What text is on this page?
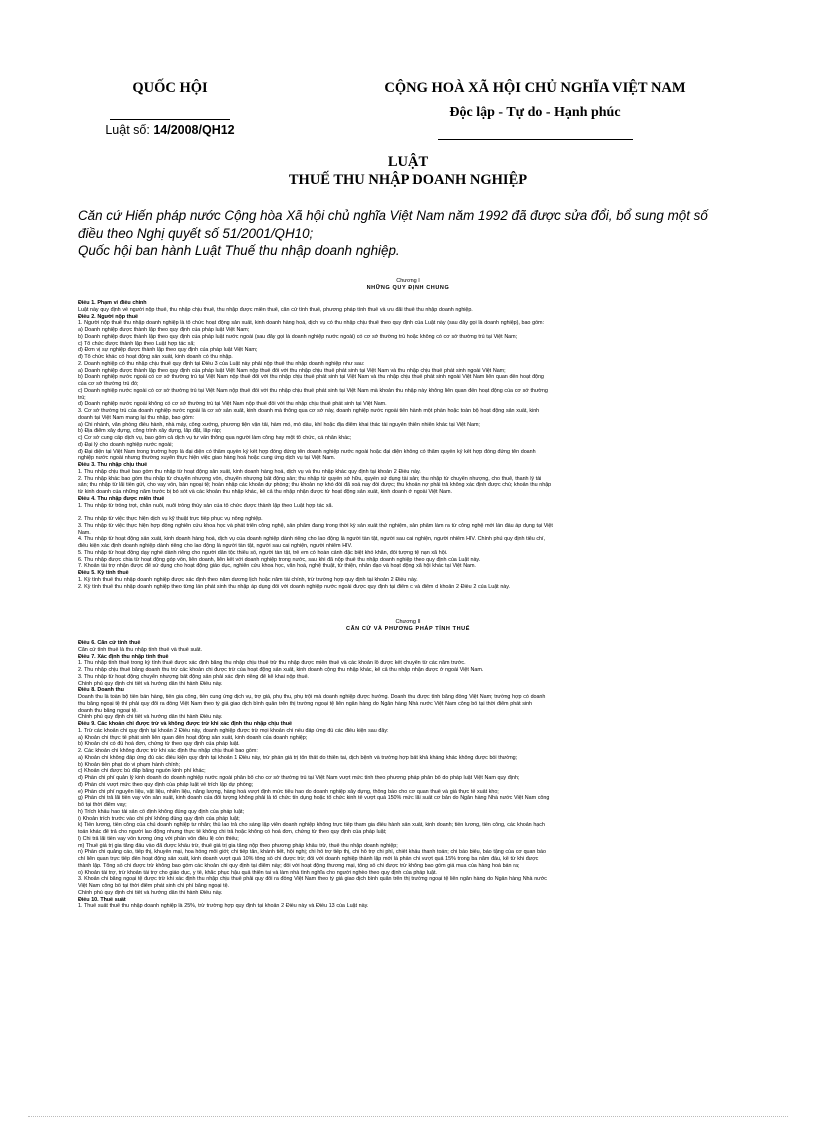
QUỐC HỘI
Luật số: 14/2008/QH12
CỘNG HOÀ XÃ HỘI CHỦ NGHĨA VIỆT NAM
Độc lập - Tự do - Hạnh phúc
LUẬT
THUẾ THU NHẬP DOANH NGHIỆP
Căn cứ Hiến pháp nước Cộng hòa Xã hội chủ nghĩa Việt Nam năm 1992 đã được sửa đổi, bổ sung một số
điều theo Nghị quyết số 51/2001/QH10;
Quốc hội ban hành Luật Thuế thu nhập doanh nghiệp.
Chương I
NHỮNG QUY ĐỊNH CHUNG
Điều 1. Phạm vi điều chỉnh
Luật này quy định về người nộp thuế, thu nhập chịu thuế, thu nhập được miễn thuế, căn cứ tính thuế, phương pháp tính thuế và ưu đãi thuế thu nhập doanh nghiệp.
Điều 2. Người nộp thuế
1. Người nộp thuế thu nhập doanh nghiệp là tổ chức hoạt động sản xuất, kinh doanh hàng hoá, dịch vụ có thu nhập chịu thuế theo quy định của Luật này (sau đây gọi là doanh nghiệp), bao gồm:
a) Doanh nghiệp được thành lập theo quy định của pháp luật Việt Nam;
b) Doanh nghiệp được thành lập theo quy định của pháp luật nước ngoài (sau đây gọi là doanh nghiệp nước ngoài) có cơ sở thường trú hoặc không có cơ sở thường trú tại Việt Nam;
c) Tổ chức được thành lập theo Luật hợp tác xã;
d) Đơn vị sự nghiệp được thành lập theo quy định của pháp luật Việt Nam;
đ) Tổ chức khác có hoạt động sản xuất, kinh doanh có thu nhập.
2. Doanh nghiệp có thu nhập chịu thuế quy định tại Điều 3 của Luật này phải nộp thuế thu nhập doanh nghiệp như sau:
a) Doanh nghiệp được thành lập theo quy định của pháp luật Việt Nam nộp thuế đối với thu nhập chịu thuế phát sinh tại Việt Nam và thu nhập chịu thuế phát sinh ngoài Việt Nam;
b) Doanh nghiệp nước ngoài có cơ sở thường trú tại Việt Nam nộp thuế đối với thu nhập chịu thuế phát sinh tại Việt Nam và thu nhập chịu thuế phát sinh ngoài Việt Nam liên quan đến hoạt động
của cơ sở thường trú đó;
c) Doanh nghiệp nước ngoài có cơ sở thường trú tại Việt Nam nộp thuế đối với thu nhập chịu thuế phát sinh tại Việt Nam mà khoản thu nhập này không liên quan đến hoạt động của cơ sở thường
trú;
d) Doanh nghiệp nước ngoài không có cơ sở thường trú tại Việt Nam nộp thuế đối với thu nhập chịu thuế phát sinh tại Việt Nam.
3. Cơ sở thường trú của doanh nghiệp nước ngoài là cơ sở sản xuất, kinh doanh mà thông qua cơ sở này, doanh nghiệp nước ngoài tiến hành một phần hoặc toàn bộ hoạt động sản xuất, kinh
doanh tại Việt Nam mang lại thu nhập, bao gồm:
a) Chi nhánh, văn phòng điều hành, nhà máy, công xưởng, phương tiện vận tải, hầm mỏ, mỏ dầu, khí hoặc địa điểm khai thác tài nguyên thiên nhiên khác tại Việt Nam;
b) Địa điểm xây dựng, công trình xây dựng, lắp đặt, lắp ráp;
c) Cơ sở cung cấp dịch vụ, bao gồm cả dịch vụ tư vấn thông qua người làm công hay một tổ chức, cá nhân khác;
d) Đại lý cho doanh nghiệp nước ngoài;
đ) Đại diện tại Việt Nam trong trường hợp là đại diện có thẩm quyền ký kết hợp đồng đứng tên doanh nghiệp nước ngoài hoặc đại diện không có thẩm quyền ký kết hợp đồng đứng tên doanh
nghiệp nước ngoài nhưng thường xuyên thực hiện việc giao hàng hoá hoặc cung ứng dịch vụ tại Việt Nam.
Điều 3. Thu nhập chịu thuế
1. Thu nhập chịu thuế bao gồm thu nhập từ hoạt động sản xuất, kinh doanh hàng hoá, dịch vụ và thu nhập khác quy định tại khoản 2 Điều này.
2. Thu nhập khác bao gồm thu nhập từ chuyển nhượng vốn, chuyển nhượng bất động sản; thu nhập từ quyền sở hữu, quyền sử dụng tài sản; thu nhập từ chuyển nhượng, cho thuê, thanh lý tài
sản; thu nhập từ lãi tiền gửi, cho vay vốn, bán ngoại tệ; hoàn nhập các khoản dự phòng; thu khoản nợ khó đòi đã xoá nay đòi được; thu khoản nợ phải trả không xác định được chủ; khoản thu nhập
từ kinh doanh của những năm trước bị bỏ sót và các khoản thu nhập khác, kể cả thu nhập nhận được từ hoạt động sản xuất, kinh doanh ở ngoài Việt Nam.
Điều 4. Thu nhập được miễn thuế
1. Thu nhập từ trồng trọt, chăn nuôi, nuôi trồng thủy sản của tổ chức được thành lập theo Luật hợp tác xã.

2. Thu nhập từ việc thực hiện dịch vụ kỹ thuật trực tiếp phục vụ nông nghiệp.
3. Thu nhập từ việc thực hiện hợp đồng nghiên cứu khoa học và phát triển công nghệ, sản phẩm đang trong thời kỳ sản xuất thử nghiệm, sản phẩm làm ra từ công nghệ mới lần đầu áp dụng tại Việt
Nam.
4. Thu nhập từ hoạt động sản xuất, kinh doanh hàng hoá, dịch vụ của doanh nghiệp dành riêng cho lao động là người tàn tật, người sau cai nghiện, người nhiễm HIV. Chính phủ quy định tiêu chí,
điều kiện xác định doanh nghiệp dành riêng cho lao động là người tàn tật, người sau cai nghiện, người nhiễm HIV.
5. Thu nhập từ hoạt động dạy nghề dành riêng cho người dân tộc thiểu số, người tàn tật, trẻ em có hoàn cảnh đặc biệt khó khăn, đối tượng tệ nạn xã hội.
6. Thu nhập được chia từ hoạt động góp vốn, liên doanh, liên kết với doanh nghiệp trong nước, sau khi đã nộp thuế thu nhập doanh nghiệp theo quy định của Luật này.
7. Khoản tài trợ nhận được để sử dụng cho hoạt động giáo dục, nghiên cứu khoa học, văn hoá, nghệ thuật, từ thiện, nhân đạo và hoạt động xã hội khác tại Việt Nam.
Điều 5. Kỳ tính thuế
1. Kỳ tính thuế thu nhập doanh nghiệp được xác định theo năm dương lịch hoặc năm tài chính, trừ trường hợp quy định tại khoản 2 Điều này.
2. Kỳ tính thuế thu nhập doanh nghiệp theo từng lần phát sinh thu nhập áp dụng đối với doanh nghiệp nước ngoài được quy định tại điểm c và điểm d khoản 2 Điều 2 của Luật này.
Chương II
CĂN CỨ VÀ PHƯƠNG PHÁP TÍNH THUẾ
Điều 6. Căn cứ tính thuế
Căn cứ tính thuế là thu nhập tính thuế và thuế suất.
Điều 7. Xác định thu nhập tính thuế
1. Thu nhập tính thuế trong kỳ tính thuế được xác định bằng thu nhập chịu thuế trừ thu nhập được miễn thuế và các khoản lỗ được kết chuyển từ các năm trước.
2. Thu nhập chịu thuế bằng doanh thu trừ các khoản chi được trừ của hoạt động sản xuất, kinh doanh cộng thu nhập khác, kể cả thu nhập nhận được ở ngoài Việt Nam.
3. Thu nhập từ hoạt động chuyển nhượng bất động sản phải xác định riêng để kê khai nộp thuế.
Chính phủ quy định chi tiết và hướng dẫn thi hành Điều này.
Điều 8. Doanh thu
Doanh thu là toàn bộ tiền bán hàng, tiền gia công, tiền cung ứng dịch vụ, trợ giá, phụ thu, phụ trội mà doanh nghiệp được hưởng. Doanh thu được tính bằng đồng Việt Nam; trường hợp có doanh
thu bằng ngoại tệ thì phải quy đổi ra đồng Việt Nam theo tỷ giá giao dịch bình quân trên thị trường ngoại tệ liên ngân hàng do Ngân hàng Nhà nước Việt Nam công bố tại thời điểm phát sinh
doanh thu bằng ngoại tệ.
Chính phủ quy định chi tiết và hướng dẫn thi hành Điều này.
Điều 9. Các khoản chi được trừ và không được trừ khi xác định thu nhập chịu thuế
1. Trừ các khoản chi quy định tại khoản 2 Điều này, doanh nghiệp được trừ mọi khoản chi nếu đáp ứng đủ các điều kiện sau đây:
a) Khoản chi thực tế phát sinh liên quan đến hoạt động sản xuất, kinh doanh của doanh nghiệp;
b) Khoản chi có đủ hoá đơn, chứng từ theo quy định của pháp luật.
2. Các khoản chi không được trừ khi xác định thu nhập chịu thuế bao gồm:
a) Khoản chi không đáp ứng đủ các điều kiện quy định tại khoản 1 Điều này, trừ phần giá trị tổn thất do thiên tai, dịch bệnh và trường hợp bất khả kháng khác không được bồi thường;
b) Khoản tiền phạt do vi phạm hành chính;
c) Khoản chi được bù đắp bằng nguồn kinh phí khác;
d) Phần chi phí quản lý kinh doanh do doanh nghiệp nước ngoài phân bổ cho cơ sở thường trú tại Việt Nam vượt mức tính theo phương pháp phân bổ do pháp luật Việt Nam quy định;
đ) Phần chi vượt mức theo quy định của pháp luật về trích lập dự phòng;
e) Phần chi phí nguyên liệu, vật liệu, nhiên liệu, năng lượng, hàng hoá vượt định mức tiêu hao do doanh nghiệp xây dựng, thông báo cho cơ quan thuế và giá thực tế xuất kho;
g) Phần chi trả lãi tiền vay vốn sản xuất, kinh doanh của đối tượng không phải là tổ chức tín dụng hoặc tổ chức kinh tế vượt quá 150% mức lãi suất cơ bản do Ngân hàng Nhà nước Việt Nam công
bố tại thời điểm vay;
h) Trích khấu hao tài sản cố định không đúng quy định của pháp luật;
i) Khoản trích trước vào chi phí không đúng quy định của pháp luật;
k) Tiền lương, tiền công của chủ doanh nghiệp tư nhân; thù lao trả cho sáng lập viên doanh nghiệp không trực tiếp tham gia điều hành sản xuất, kinh doanh; tiền lương, tiền công, các khoản hạch
toán khác để trả cho người lao động nhưng thực tế không chi trả hoặc không có hoá đơn, chứng từ theo quy định của pháp luật;
l) Chi trả lãi tiền vay vốn tương ứng với phần vốn điều lệ còn thiếu;
m) Thuế giá trị gia tăng đầu vào đã được khấu trừ, thuế giá trị gia tăng nộp theo phương pháp khấu trừ, thuế thu nhập doanh nghiệp;
n) Phần chi quảng cáo, tiếp thị, khuyến mại, hoa hồng môi giới; chi tiếp tân, khánh tiết, hội nghị; chi hỗ trợ tiếp thị, chi hỗ trợ chi phí, chiết khấu thanh toán; chi báo biếu, báo tặng của cơ quan báo
chí liên quan trực tiếp đến hoạt động sản xuất, kinh doanh vượt quá 10% tổng số chi được trừ; đối với doanh nghiệp thành lập mới là phần chi vượt quá 15% trong ba năm đầu, kể từ khi được
thành lập. Tổng số chi được trừ không bao gồm các khoản chi quy định tại điểm này; đối với hoạt động thương mại, tổng số chi được trừ không bao gồm giá mua của hàng hoá bán ra;
o) Khoản tài trợ, trừ khoản tài trợ cho giáo dục, y tế, khắc phục hậu quả thiên tai và làm nhà tình nghĩa cho người nghèo theo quy định của pháp luật.
3. Khoản chi bằng ngoại tệ được trừ khi xác định thu nhập chịu thuế phải quy đổi ra đồng Việt Nam theo tỷ giá giao dịch bình quân trên thị trường ngoại tệ liên ngân hàng do Ngân hàng Nhà nước
Việt Nam công bố tại thời điểm phát sinh chi phí bằng ngoại tệ.
Chính phủ quy định chi tiết và hướng dẫn thi hành Điều này.
Điều 10. Thuế suất
1. Thuế suất thuế thu nhập doanh nghiệp là 25%, trừ trường hợp quy định tại khoản 2 Điều này và Điều 13 của Luật này.
